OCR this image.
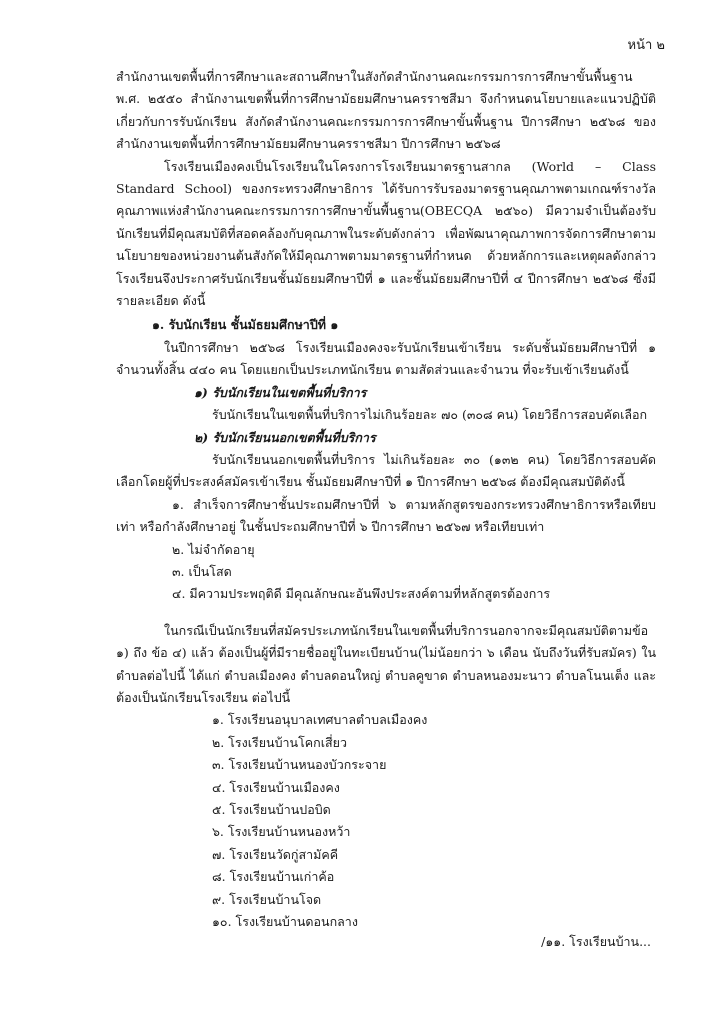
หน้า ๒

สำนักงานเขตพื้นที่การศึกษาและสถานศึกษาในสังกัดสำนักงานคณะกรรมการการศึกษาขั้นพื้นฐาน พ.ศ. ๒๕๕๐ สำนักงานเขตพื้นที่การศึกษามัธยมศึกษานครราชสีมา จึงกำหนดนโยบายและแนวปฏิบัติเกี่ยวกับการรับนักเรียน สังกัดสำนักงานคณะกรรมการการศึกษาขั้นพื้นฐาน ปีการศึกษา ๒๕๖๘ ของสำนักงานเขตพื้นที่การศึกษามัธยมศึกษานครราชสีมา ปีการศึกษา ๒๕๖๘

โรงเรียนเมืองคงเป็นโรงเรียนในโครงการโรงเรียนมาตรฐานสากล (World – Class Standard School) ของกระทรวงศึกษาธิการ ได้รับการรับรองมาตรฐานคุณภาพตามเกณฑ์รางวัลคุณภาพแห่งสำนักงานคณะกรรมการการศึกษาขั้นพื้นฐาน(OBECQA ๒๕๖๐) มีความจำเป็นต้องรับนักเรียนที่มีคุณสมบัติที่สอดคล้องกับคุณภาพในระดับดังกล่าว เพื่อพัฒนาคุณภาพการจัดการศึกษาตามนโยบายของหน่วยงานต้นสังกัดให้มีคุณภาพตามมาตรฐานที่กำหนด ด้วยหลักการและเหตุผลดังกล่าว โรงเรียนจึงประกาศรับนักเรียนชั้นมัธยมศึกษาปีที่ ๑ และชั้นมัธยมศึกษาปีที่ ๔ ปีการศึกษา ๒๕๖๘ ซึ่งมีรายละเอียด ดังนี้

๑. รับนักเรียน ชั้นมัธยมศึกษาปีที่ ๑

ในปีการศึกษา ๒๕๖๘ โรงเรียนเมืองคงจะรับนักเรียนเข้าเรียน ระดับชั้นมัธยมศึกษาปีที่ ๑ จำนวนทั้งสิ้น ๔๔๐ คน โดยแยกเป็นประเภทนักเรียน ตามสัดส่วนและจำนวน ที่จะรับเข้าเรียนดังนี้

๑) รับนักเรียนในเขตพื้นที่บริการ

รับนักเรียนในเขตพื้นที่บริการไม่เกินร้อยละ ๗๐ (๓๐๘ คน) โดยวิธีการสอบคัดเลือก

๒) รับนักเรียนนอกเขตพื้นที่บริการ

รับนักเรียนนอกเขตพื้นที่บริการ ไม่เกินร้อยละ ๓๐ (๑๓๒ คน) โดยวิธีการสอบคัดเลือกโดยผู้ที่ประสงค์สมัครเข้าเรียน ชั้นมัธยมศึกษาปีที่ ๑ ปีการศึกษา ๒๕๖๘ ต้องมีคุณสมบัติดังนี้

๑. สำเร็จการศึกษาชั้นประถมศึกษาปีที่ ๖ ตามหลักสูตรของกระทรวงศึกษาธิการหรือเทียบเท่า หรือกำลังศึกษาอยู่ ในชั้นประถมศึกษาปีที่ ๖ ปีการศึกษา ๒๕๖๗ หรือเทียบเท่า

๒. ไม่จำกัดอายุ

๓. เป็นโสด

๔. มีความประพฤติดี มีคุณลักษณะอันพึงประสงค์ตามที่หลักสูตรต้องการ

ในกรณีเป็นนักเรียนที่สมัครประเภทนักเรียนในเขตพื้นที่บริการนอกจากจะมีคุณสมบัติตามข้อ ๑) ถึง ข้อ ๔) แล้ว ต้องเป็นผู้ที่มีรายชื่ออยู่ในทะเบียนบ้าน(ไม่น้อยกว่า ๖ เดือน นับถึงวันที่รับสมัคร) ในตำบลต่อไปนี้ ได้แก่ ตำบลเมืองคง ตำบลดอนใหญ่ ตำบลคูขาด ตำบลหนองมะนาว ตำบลโนนเต็ง และต้องเป็นนักเรียนโรงเรียน ต่อไปนี้

๑. โรงเรียนอนุบาลเทศบาลตำบลเมืองคง
๒. โรงเรียนบ้านโคกเสี่ยว
๓. โรงเรียนบ้านหนองบัวกระจาย
๔. โรงเรียนบ้านเมืองคง
๕. โรงเรียนบ้านปอบิด
๖. โรงเรียนบ้านหนองหว้า
๗. โรงเรียนวัดกู่สามัคคี
๘. โรงเรียนบ้านเก่าค้อ
๙. โรงเรียนบ้านโจด
๑๐. โรงเรียนบ้านดอนกลาง
/๑๑. โรงเรียนบ้าน...
